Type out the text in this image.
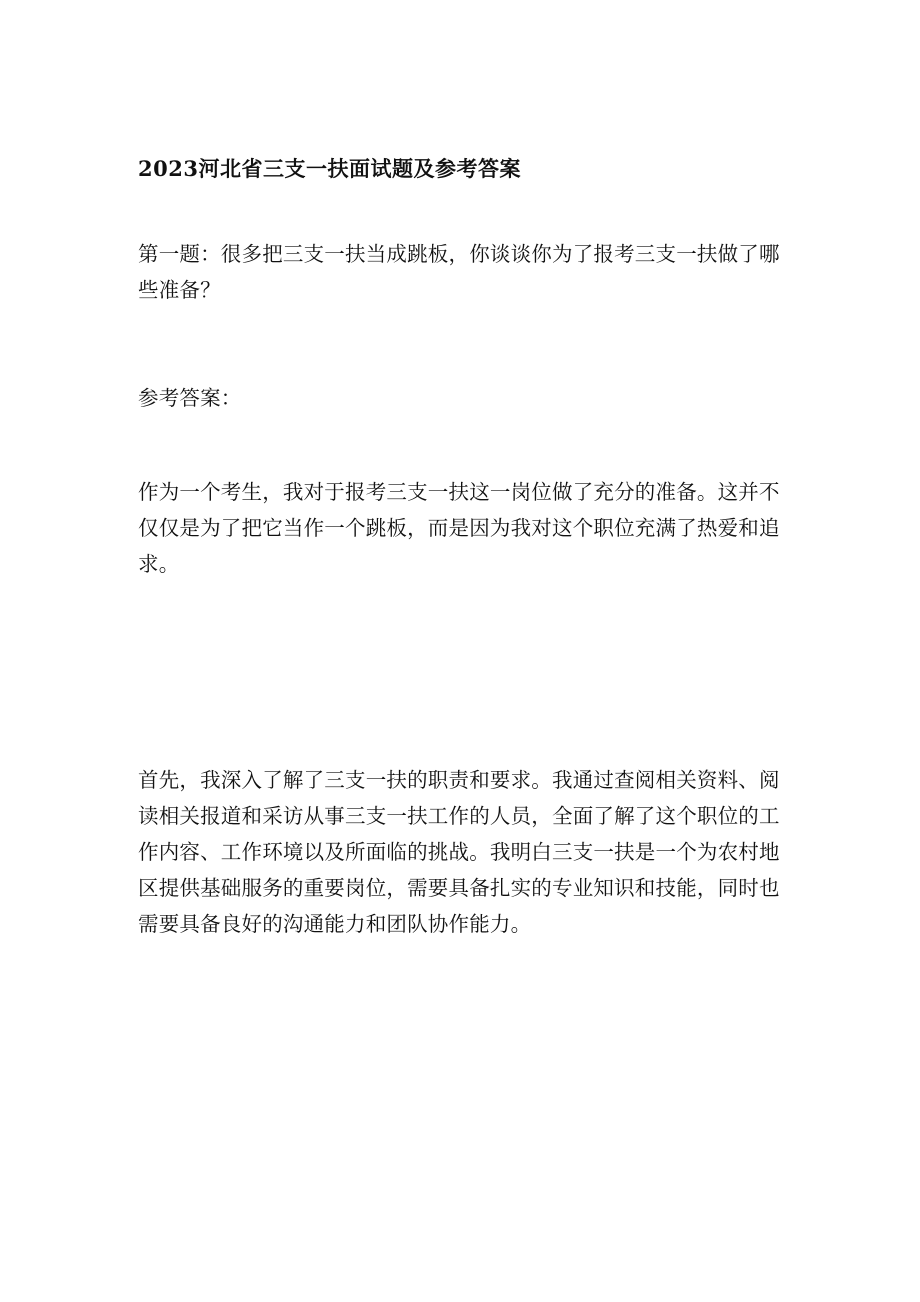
2023河北省三支一扶面试题及参考答案

第一题：很多把三支一扶当成跳板，你谈谈你为了报考三支一扶做了哪些准备？

参考答案：

作为一个考生，我对于报考三支一扶这一岗位做了充分的准备。这并不仅仅是为了把它当作一个跳板，而是因为我对这个职位充满了热爱和追求。

首先，我深入了解了三支一扶的职责和要求。我通过查阅相关资料、阅读相关报道和采访从事三支一扶工作的人员，全面了解了这个职位的工作内容、工作环境以及所面临的挑战。我明白三支一扶是一个为农村地区提供基础服务的重要岗位，需要具备扎实的专业知识和技能，同时也需要具备良好的沟通能力和团队协作能力。
